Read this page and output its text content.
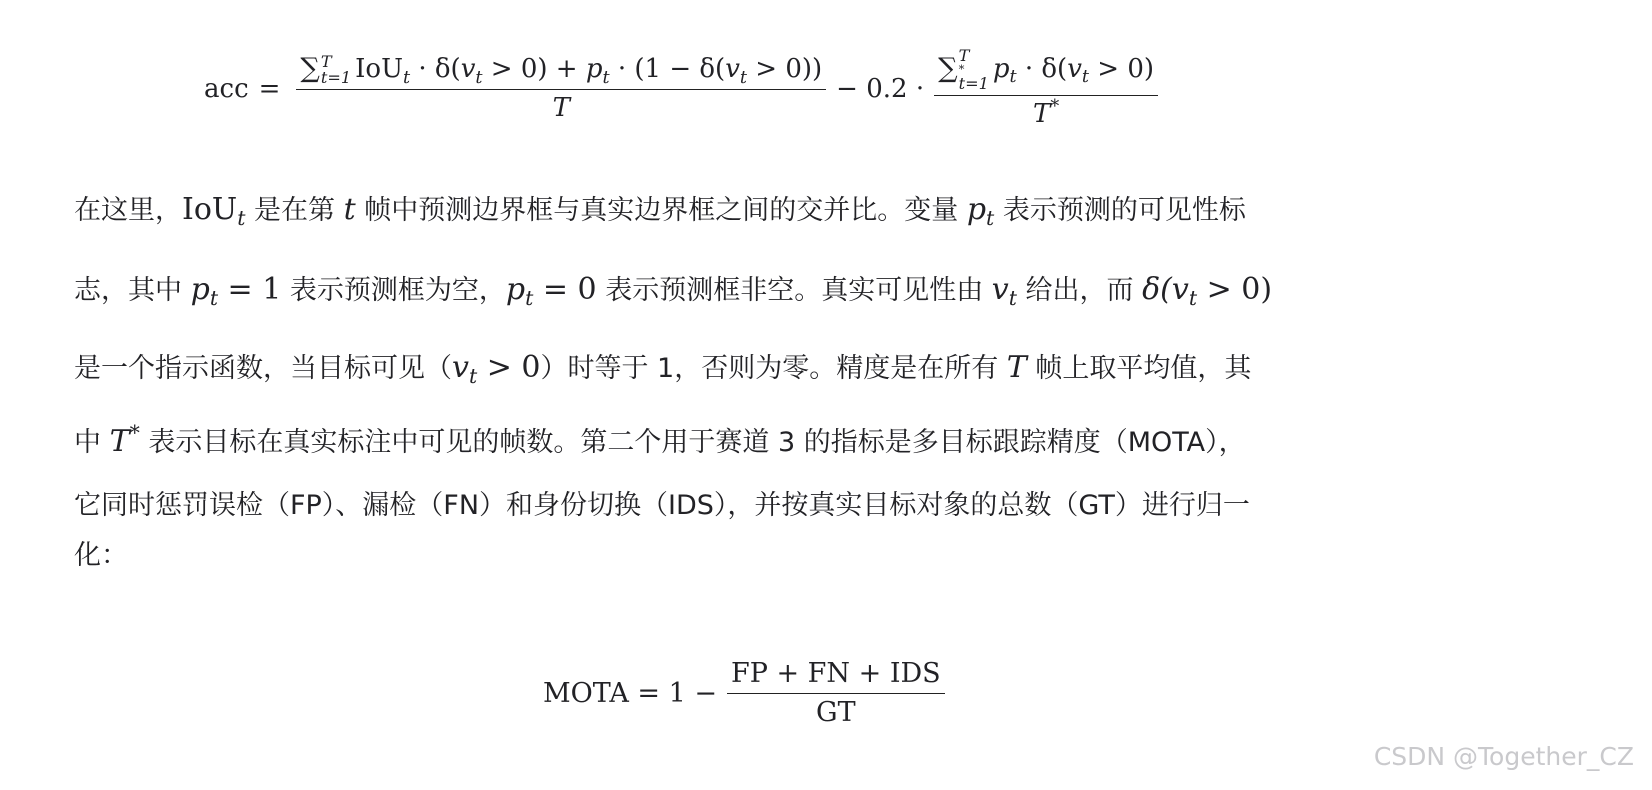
acc = ∑ T
t=1 $IoU_t \cdot \delta(v_t > 0) + p_t \cdot (1 - \delta(v_t > 0))$
T − 0.2 · ∑ T
*
t=1 $p_t \cdot \delta(v_t > 0)$
T*
在这里，IoU$_t$ 是在第 t 帧中预测边界框与真实边界框之间的交并比。变量 $p_t$ 表示预测的可见性标
志，其中 $p_t = 1$ 表示预测框为空，$p_t = 0$ 表示预测框非空。真实可见性由 $v_t$ 给出，而 $\delta(v_t > 0)$
是一个指示函数，当目标可见$(v_t > 0)$时等于 1，否则为零。精度是在所有 T 帧上取平均值，其
中 T* 表示目标在真实标注中可见的帧数。第二个用于赛道 3 的指标是多目标跟踪精度（MOTA），
它同时惩罚误检（FP）、漏检（FN）和身份切换（IDS），并按真实目标对象的总数（GT）进行归一
化：
MOTA = $1 - \frac{\text{FP + FN + IDS}}{GT}$
CSDN @Together_CZ
